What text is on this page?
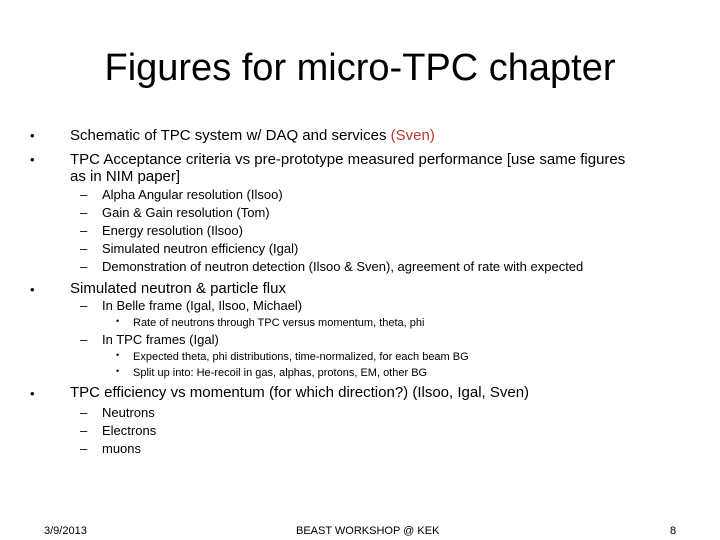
Figures for micro-TPC chapter
• Schematic of TPC system w/ DAQ and services (Sven)
• TPC Acceptance criteria vs pre-prototype measured performance [use same figures
as in NIM paper]
– Alpha Angular resolution (Ilsoo)
– Gain & Gain resolution (Tom)
– Energy resolution (Ilsoo)
– Simulated neutron efficiency (Igal)
– Demonstration of neutron detection (Ilsoo & Sven), agreement of rate with expected
• Simulated neutron & particle flux
– In Belle frame (Igal, Ilsoo, Michael)
• Rate of neutrons through TPC versus momentum, theta, phi
– In TPC frames (Igal)
• Expected theta, phi distributions, time-normalized, for each beam BG
• Split up into: He-recoil in gas, alphas, protons, EM, other BG
• TPC efficiency vs momentum (for which direction?) (Ilsoo, Igal, Sven)
– Neutrons
– Electrons
– muons
3/9/2013	BEAST WORKSHOP @ KEK	8
